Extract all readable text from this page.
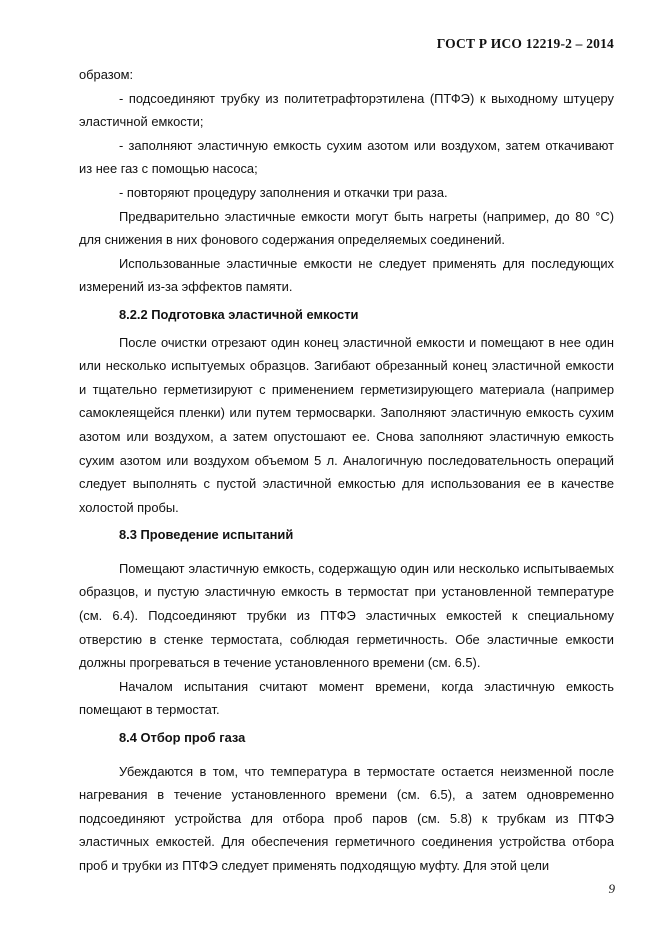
ГОСТ Р ИСО 12219-2 – 2014

образом:

- подсоединяют трубку из политетрафторэтилена (ПТФЭ) к выходному штуцеру эластичной емкости;

- заполняют эластичную емкость сухим азотом или воздухом, затем откачивают из нее газ с помощью насоса;

- повторяют процедуру заполнения и откачки три раза.

Предварительно эластичные емкости могут быть нагреты (например, до 80 °С) для снижения в них фонового содержания определяемых соединений.

Использованные эластичные емкости не следует применять для последующих измерений из-за эффектов памяти.

8.2.2 Подготовка эластичной емкости

После очистки отрезают один конец эластичной емкости и помещают в нее один или несколько испытуемых образцов. Загибают обрезанный конец эластичной емкости и тщательно герметизируют с применением герметизирующего материала (например самоклеящейся пленки) или путем термосварки. Заполняют эластичную емкость сухим азотом или воздухом, а затем опустошают ее. Снова заполняют эластичную емкость сухим азотом или воздухом объемом 5 л. Аналогичную последовательность операций следует выполнять с пустой эластичной емкостью для использования ее в качестве холостой пробы.

8.3 Проведение испытаний

Помещают эластичную емкость, содержащую один или несколько испытываемых образцов, и пустую эластичную емкость в термостат при установленной температуре (см. 6.4). Подсоединяют трубки из ПТФЭ эластичных емкостей к специальному отверстию в стенке термостата, соблюдая герметичность. Обе эластичные емкости должны прогреваться в течение установленного времени (см. 6.5).

Началом испытания считают момент времени, когда эластичную емкость помещают в термостат.

8.4 Отбор проб газа

Убеждаются в том, что температура в термостате остается неизменной после нагревания в течение установленного времени (см. 6.5), а затем одновременно подсоединяют устройства для отбора проб паров (см. 5.8) к трубкам из ПТФЭ эластичных емкостей. Для обеспечения герметичного соединения устройства отбора проб и трубки из ПТФЭ следует применять подходящую муфту. Для этой цели

9
